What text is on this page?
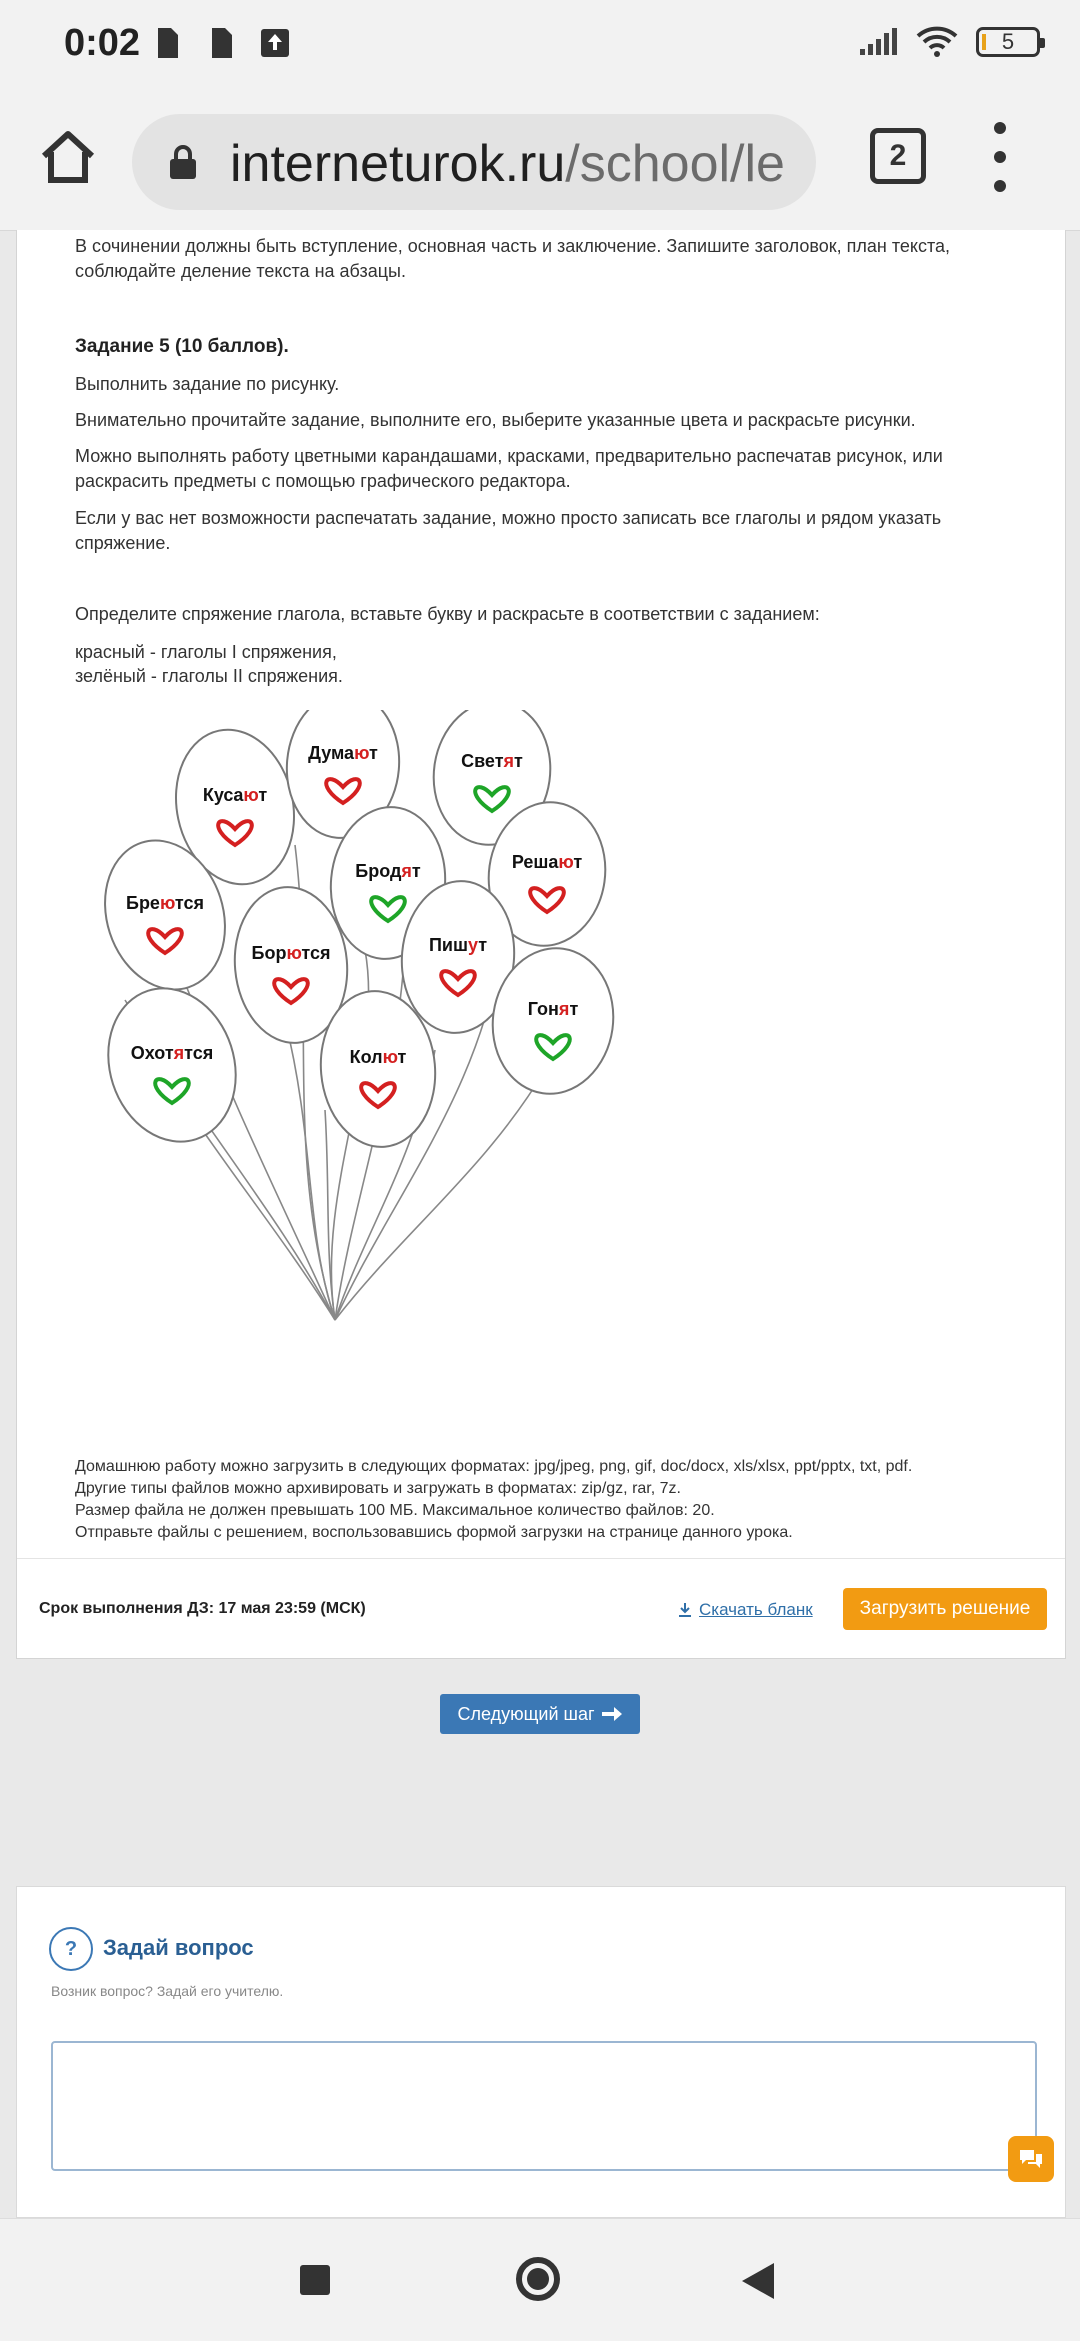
0:02	5
interneturok.ru/school/le	2
В сочинении должны быть вступление, основная часть и заключение. Запишите заголовок, план текста, соблюдайте деление текста на абзацы.
Задание 5 (10 баллов).
Выполнить задание по рисунку.
Внимательно прочитайте задание, выполните его, выберите указанные цвета и раскрасьте рисунки.
Можно выполнять работу цветными карандашами, красками, предварительно распечатав рисунок, или раскрасить предметы с помощью графического редактора.
Если у вас нет возможности распечатать задание, можно просто записать все глаголы и рядом указать спряжение.
Определите спряжение глагола, вставьте букву и раскрасьте в соответствии с заданием:
красный - глаголы I спряжения,
зелёный - глаголы II спряжения.
Кусaют
Думают	Светят
Бреются
Бродят	Решают
Борются	Пишут
Гонят
Охотятся	Колют
Домашнюю работу можно загрузить в следующих форматах: jpg/jpeg, png, gif, doc/docx, xls/xlsx, ppt/pptx, txt, pdf.
Другие типы файлов можно архивировать и загружать в форматах: zip/gz, rar, 7z.
Размер файла не должен превышать 100 МБ. Максимальное количество файлов: 20.
Отправьте файлы с решением, воспользовавшись формой загрузки на странице данного урока.
Срок выполнения ДЗ: 17 мая 23:59 (МСК)	Скачать бланк	Загрузить решение
Следующий шаг
?	Задай вопрос
Возник вопрос? Задай его учителю.
